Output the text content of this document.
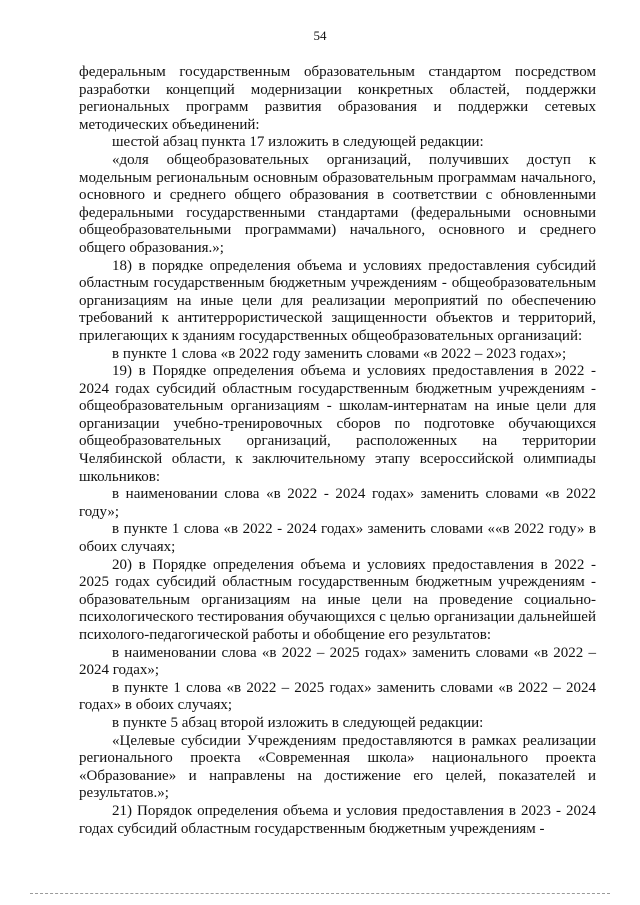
54

федеральным государственным образовательным стандартом посредством разработки концепций модернизации конкретных областей, поддержки региональных программ развития образования и поддержки сетевых методических объединений:

шестой абзац пункта 17 изложить в следующей редакции:

«доля общеобразовательных организаций, получивших доступ к модельным региональным основным образовательным программам начального, основного и среднего общего образования в соответствии с обновленными федеральными государственными стандартами (федеральными основными общеобразовательными программами) начального, основного и среднего общего образования.»;

18) в порядке определения объема и условиях предоставления субсидий областным государственным бюджетным учреждениям - общеобразовательным организациям на иные цели для реализации мероприятий по обеспечению требований к антитеррористической защищенности объектов и территорий, прилегающих к зданиям государственных общеобразовательных организаций:

в пункте 1 слова «в 2022 году заменить словами «в 2022 – 2023 годах»;

19) в Порядке определения объема и условиях предоставления в 2022 - 2024 годах субсидий областным государственным бюджетным учреждениям - общеобразовательным организациям - школам-интернатам на иные цели для организации учебно-тренировочных сборов по подготовке обучающихся общеобразовательных организаций, расположенных на территории Челябинской области, к заключительному этапу всероссийской олимпиады школьников:

в наименовании слова «в 2022 - 2024 годах» заменить словами «в 2022 году»;

в пункте 1 слова «в 2022 - 2024 годах» заменить словами ««в 2022 году» в обоих случаях;

20) в Порядке определения объема и условиях предоставления в 2022 - 2025 годах субсидий областным государственным бюджетным учреждениям - образовательным организациям на иные цели на проведение социально-психологического тестирования обучающихся с целью организации дальнейшей психолого-педагогической работы и обобщение его результатов:

в наименовании слова «в 2022 – 2025 годах» заменить словами «в 2022 – 2024 годах»;

в пункте 1 слова «в 2022 – 2025 годах» заменить словами «в 2022 – 2024 годах» в обоих случаях;

в пункте 5 абзац второй изложить в следующей редакции:

«Целевые субсидии Учреждениям предоставляются в рамках реализации регионального проекта «Современная школа» национального проекта «Образование» и направлены на достижение его целей, показателей и результатов.»;

21) Порядок определения объема и условия предоставления в 2023 - 2024 годах субсидий областным государственным бюджетным учреждениям -
